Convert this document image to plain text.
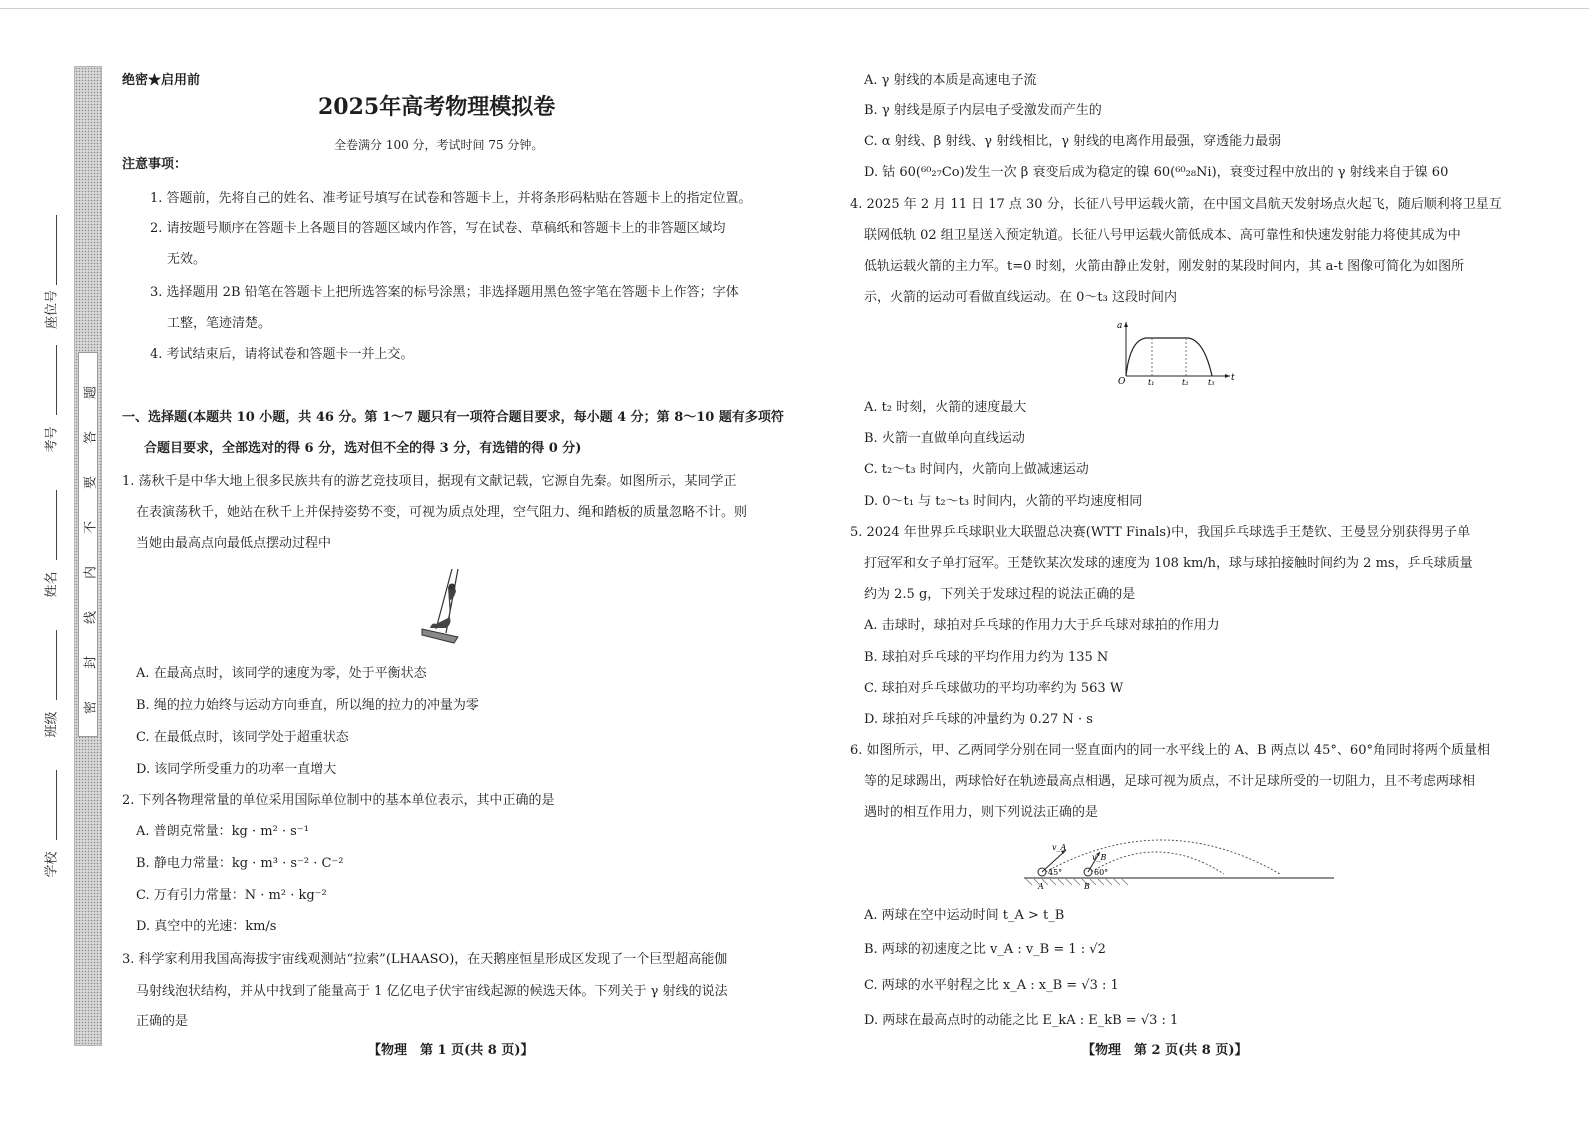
题
答
要
不
内
线
封
密
座位号
考号
姓名
班级
学校
绝密★启用前
2025年高考物理模拟卷
全卷满分 100 分，考试时间 75 分钟。
注意事项：
1. 答题前，先将自己的姓名、准考证号填写在试卷和答题卡上，并将条形码粘贴在答题卡上的指定位置。
2. 请按题号顺序在答题卡上各题目的答题区域内作答，写在试卷、草稿纸和答题卡上的非答题区域均
无效。
3. 选择题用 2B 铅笔在答题卡上把所选答案的标号涂黑；非选择题用黑色签字笔在答题卡上作答；字体
工整，笔迹清楚。
4. 考试结束后，请将试卷和答题卡一并上交。
一、选择题(本题共 10 小题，共 46 分。第 1～7 题只有一项符合题目要求，每小题 4 分；第 8～10 题有多项符
合题目要求，全部选对的得 6 分，选对但不全的得 3 分，有选错的得 0 分)
1. 荡秋千是中华大地上很多民族共有的游艺竞技项目，据现有文献记载，它源自先秦。如图所示，某同学正
在表演荡秋千，她站在秋千上并保持姿势不变，可视为质点处理，空气阻力、绳和踏板的质量忽略不计。则
当她由最高点向最低点摆动过程中
A. 在最高点时，该同学的速度为零，处于平衡状态
B. 绳的拉力始终与运动方向垂直，所以绳的拉力的冲量为零
C. 在最低点时，该同学处于超重状态
D. 该同学所受重力的功率一直增大
2. 下列各物理常量的单位采用国际单位制中的基本单位表示，其中正确的是
A. 普朗克常量：kg · m² · s⁻¹
B. 静电力常量：kg · m³ · s⁻² · C⁻²
C. 万有引力常量：N · m² · kg⁻²
D. 真空中的光速：km/s
3. 科学家利用我国高海拔宇宙线观测站“拉索”(LHAASO)，在天鹅座恒星形成区发现了一个巨型超高能伽
马射线泡状结构，并从中找到了能量高于 1 亿亿电子伏宇宙线起源的候选天体。下列关于 γ 射线的说法
正确的是
【物理　第 1 页(共 8 页)】
A. γ 射线的本质是高速电子流
B. γ 射线是原子内层电子受激发而产生的
C. α 射线、β 射线、γ 射线相比，γ 射线的电离作用最强，穿透能力最弱
D. 钴 60(⁶⁰₂₇Co)发生一次 β 衰变后成为稳定的镍 60(⁶⁰₂₈Ni)，衰变过程中放出的 γ 射线来自于镍 60
4. 2025 年 2 月 11 日 17 点 30 分，长征八号甲运载火箭，在中国文昌航天发射场点火起飞，随后顺利将卫星互
联网低轨 02 组卫星送入预定轨道。长征八号甲运载火箭低成本、高可靠性和快速发射能力将使其成为中
低轨运载火箭的主力军。t=0 时刻，火箭由静止发射，刚发射的某段时间内，其 a-t 图像可简化为如图所
示，火箭的运动可看做直线运动。在 0～t₃ 这段时间内
a
t
O	t₁	t₂ t₃
A. t₂ 时刻，火箭的速度最大
B. 火箭一直做单向直线运动
C. t₂～t₃ 时间内，火箭向上做减速运动
D. 0～t₁ 与 t₂～t₃ 时间内，火箭的平均速度相同
5. 2024 年世界乒乓球职业大联盟总决赛(WTT Finals)中，我国乒乓球选手王楚钦、王曼昱分别获得男子单
打冠军和女子单打冠军。王楚钦某次发球的速度为 108 km/h，球与球拍接触时间约为 2 ms，乒乓球质量
约为 2.5 g，下列关于发球过程的说法正确的是
A. 击球时，球拍对乒乓球的作用力大于乒乓球对球拍的作用力
B. 球拍对乒乓球的平均作用力约为 135 N
C. 球拍对乒乓球做功的平均功率约为 563 W
D. 球拍对乒乓球的冲量约为 0.27 N · s
6. 如图所示，甲、乙两同学分别在同一竖直面内的同一水平线上的 A、B 两点以 45°、60°角同时将两个质量相
等的足球踢出，两球恰好在轨迹最高点相遇，足球可视为质点，不计足球所受的一切阻力，且不考虑两球相
遇时的相互作用力，则下列说法正确的是
v_A
v_B
45°	60°
A	B
A. 两球在空中运动时间 t_A > t_B
B. 两球的初速度之比 v_A : v_B = 1 : √2
C. 两球的水平射程之比 x_A : x_B = √3 : 1
D. 两球在最高点时的动能之比 E_kA : E_kB = √3 : 1
【物理　第 2 页(共 8 页)】
